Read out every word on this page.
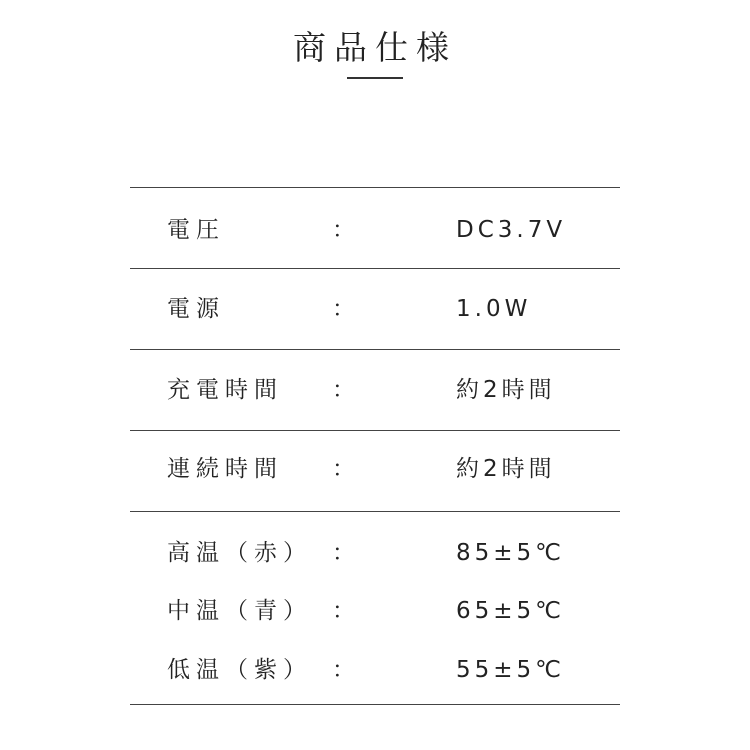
商品仕様
電圧	：	DC3.7V
電源	：	1.0W
充電時間 ：	約2時間
連続時間 ：	約2時間
高温（赤） ：	85±5℃
中温（青） ：	65±5℃
低温（紫） ：	55±5℃
